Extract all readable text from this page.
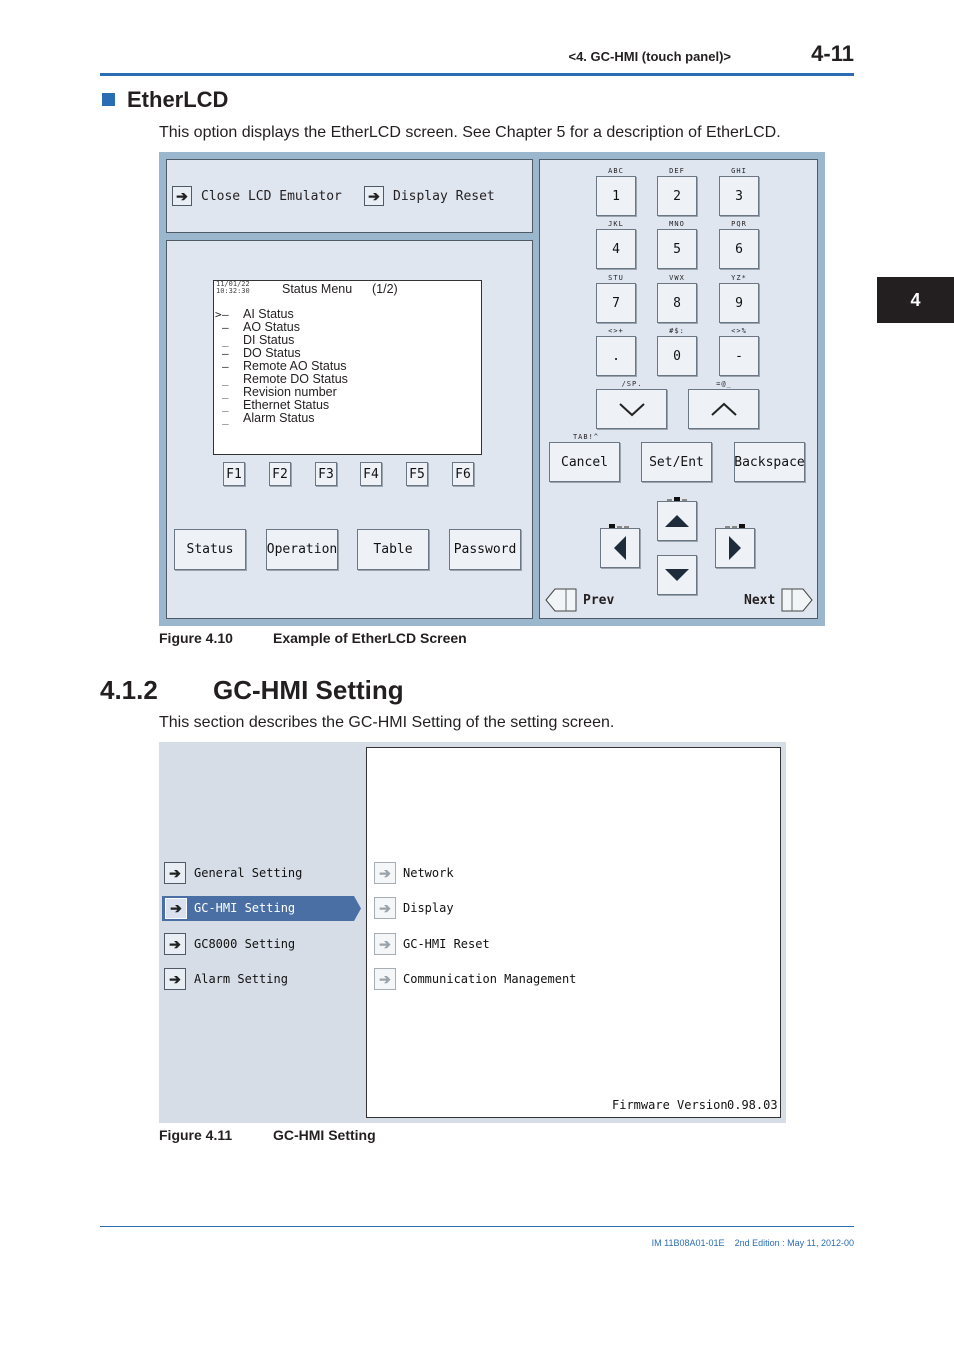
<4. GC-HMI (touch panel)>	4-11
4
EtherLCD
This option displays the EtherLCD screen. See Chapter 5 for a description of EtherLCD.
➔	Close LCD Emulator ➔	Display Reset
11/01/22
10:32:30	Status Menu (1/2)
> –
–
_
–
–
_
_
_
_
AI Status
AO Status
DI Status
DO Status
Remote AO Status
Remote DO Status
Revision number
Ethernet Status
Alarm Status
F1 F2 F3 F4 F5 F6
Status	Operation	Table	Password
ABC	DEF	GHI
1	2	3
JKL	MNO	PQR
4	5	6
STU	VWX	YZ*
7	8	9
<>+	#$:	<>%
.	0	-
/SP.	=@_
TAB!^
Cancel	Set/Ent	Backspace
Prev	Next
Figure 4.10	Example of EtherLCD Screen
4.1.2 GC-HMI Setting
This section describes the GC-HMI Setting of the setting screen.
➔	General Setting
➔	GC-HMI Setting
➔	GC8000 Setting
➔	Alarm Setting
➔	Network
➔	Display
➔	GC-HMI Reset
➔	Communication Management
Firmware Version 0.98.03
Figure 4.11	GC-HMI Setting
IM 11B08A01-01E 2nd Edition : May 11, 2012-00
